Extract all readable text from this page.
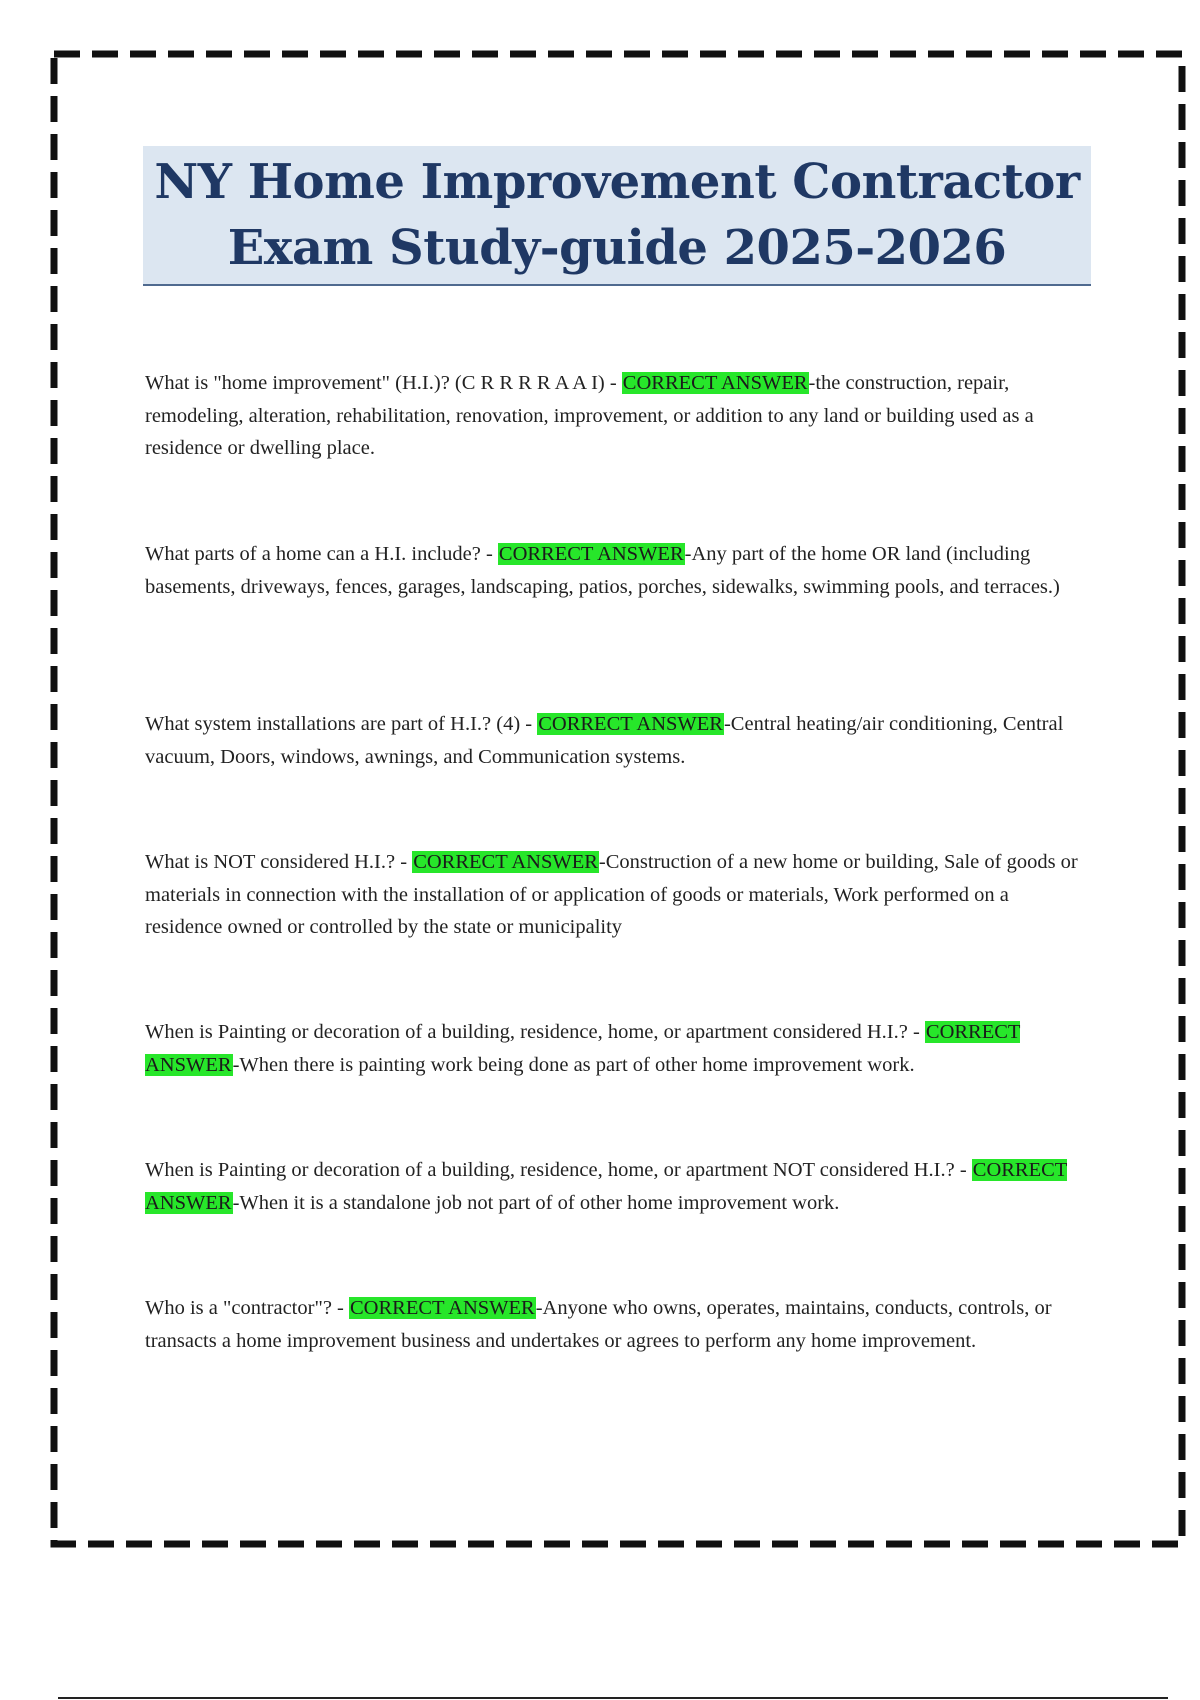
NY Home Improvement Contractor
Exam Study-guide 2025-2026

What is "home improvement" (H.I.)? (C R R R R A A I) - CORRECT ANSWER-the construction, repair, remodeling, alteration, rehabilitation, renovation, improvement, or addition to any land or building used as a residence or dwelling place.

What parts of a home can a H.I. include? - CORRECT ANSWER-Any part of the home OR land (including basements, driveways, fences, garages, landscaping, patios, porches, sidewalks, swimming pools, and terraces.)

What system installations are part of H.I.? (4) - CORRECT ANSWER-Central heating/air conditioning, Central vacuum, Doors, windows, awnings, and Communication systems.

What is NOT considered H.I.? - CORRECT ANSWER-Construction of a new home or building, Sale of goods or materials in connection with the installation of or application of goods or materials, Work performed on a residence owned or controlled by the state or municipality

When is Painting or decoration of a building, residence, home, or apartment considered H.I.? - CORRECT ANSWER-When there is painting work being done as part of other home improvement work.

When is Painting or decoration of a building, residence, home, or apartment NOT considered H.I.? - CORRECT ANSWER-When it is a standalone job not part of of other home improvement work.

Who is a "contractor"? - CORRECT ANSWER-Anyone who owns, operates, maintains, conducts, controls, or transacts a home improvement business and undertakes or agrees to perform any home improvement.
